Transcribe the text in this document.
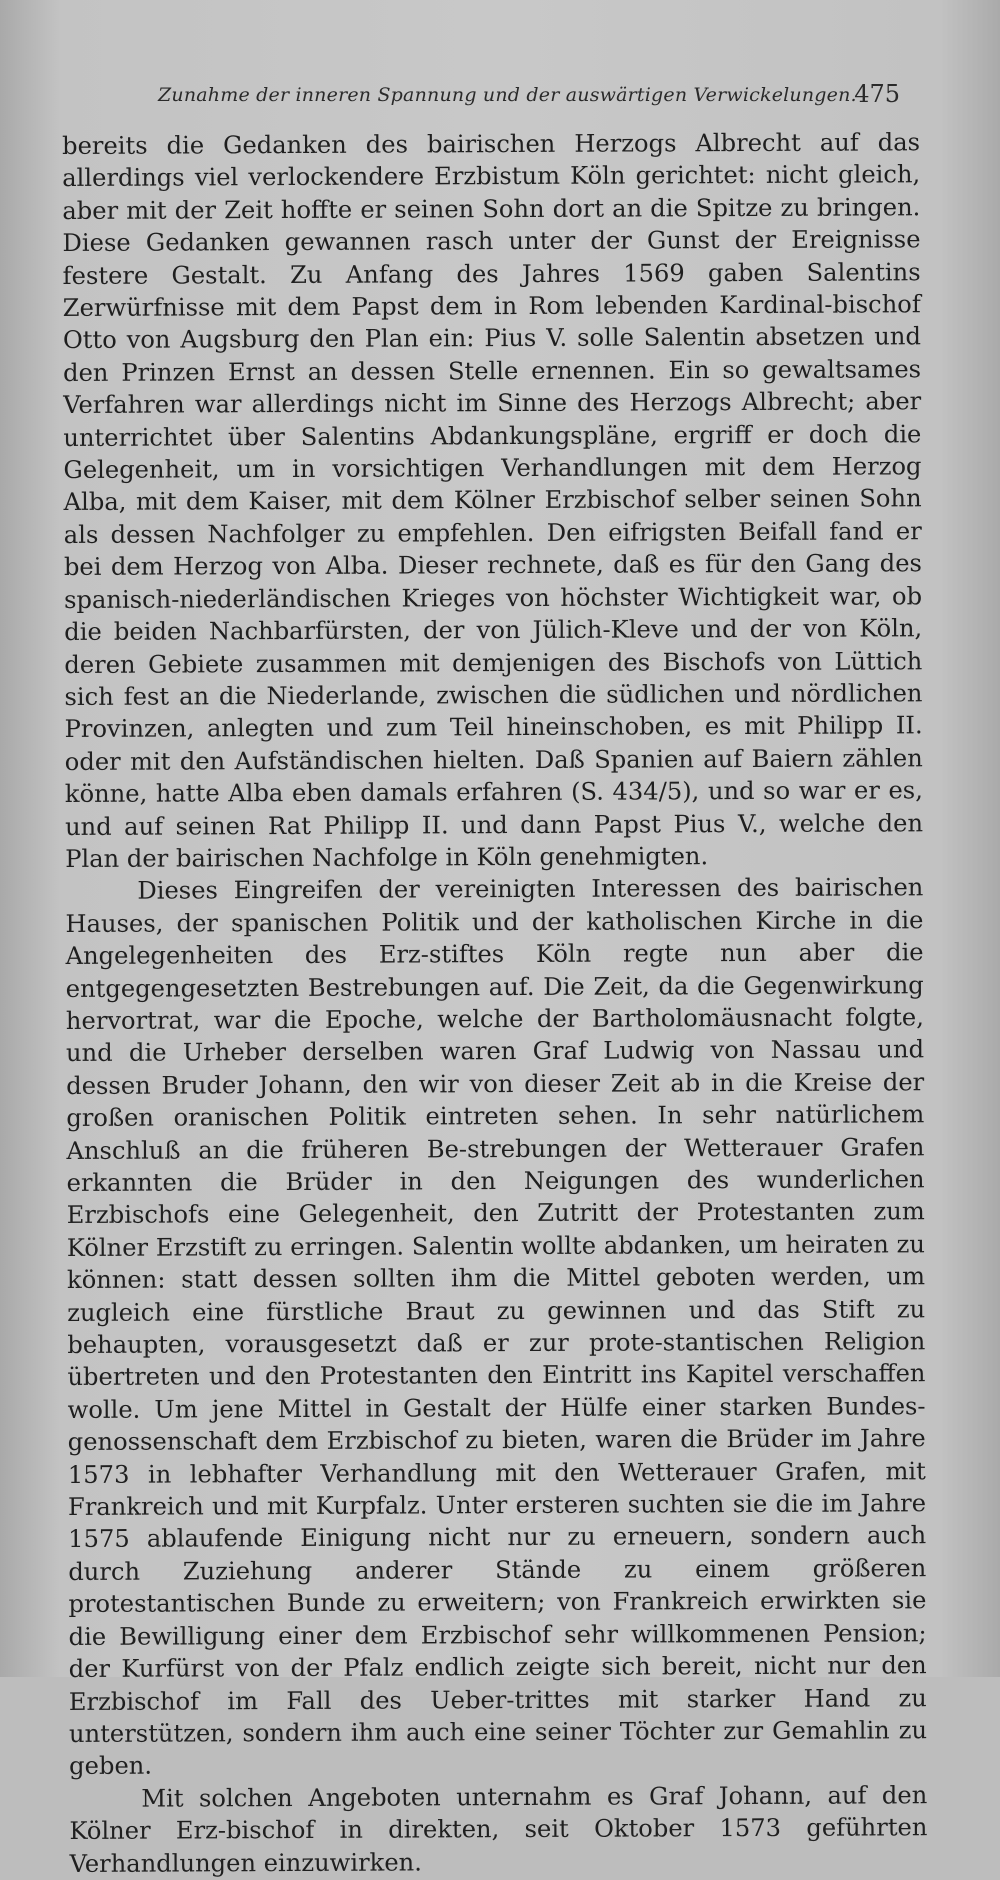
Zunahme der inneren Spannung und der auswärtigen Verwickelungen.
475

bereits die Gedanken des bairischen Herzogs Albrecht auf das allerdings viel verlockendere Erzbistum Köln gerichtet: nicht gleich, aber mit der Zeit hoffte er seinen Sohn dort an die Spitze zu bringen. Diese Gedanken gewannen rasch unter der Gunst der Ereignisse festere Gestalt. Zu Anfang des Jahres 1569 gaben Salentins Zerwürfnisse mit dem Papst dem in Rom lebenden Kardinal-bischof Otto von Augsburg den Plan ein: Pius V. solle Salentin absetzen und den Prinzen Ernst an dessen Stelle ernennen. Ein so gewaltsames Verfahren war allerdings nicht im Sinne des Herzogs Albrecht; aber unterrichtet über Salentins Abdankungspläne, ergriff er doch die Gelegenheit, um in vorsichtigen Verhandlungen mit dem Herzog Alba, mit dem Kaiser, mit dem Kölner Erzbischof selber seinen Sohn als dessen Nachfolger zu empfehlen. Den eifrigsten Beifall fand er bei dem Herzog von Alba. Dieser rechnete, daß es für den Gang des spanisch-niederländischen Krieges von höchster Wichtigkeit war, ob die beiden Nachbarfürsten, der von Jülich-Kleve und der von Köln, deren Gebiete zusammen mit demjenigen des Bischofs von Lüttich sich fest an die Niederlande, zwischen die südlichen und nördlichen Provinzen, anlegten und zum Teil hineinschoben, es mit Philipp II. oder mit den Aufständischen hielten. Daß Spanien auf Baiern zählen könne, hatte Alba eben damals erfahren (S. 434/5), und so war er es, und auf seinen Rat Philipp II. und dann Papst Pius V., welche den Plan der bairischen Nachfolge in Köln genehmigten.

Dieses Eingreifen der vereinigten Interessen des bairischen Hauses, der spanischen Politik und der katholischen Kirche in die Angelegenheiten des Erz-stiftes Köln regte nun aber die entgegengesetzten Bestrebungen auf. Die Zeit, da die Gegenwirkung hervortrat, war die Epoche, welche der Bartholomäusnacht folgte, und die Urheber derselben waren Graf Ludwig von Nassau und dessen Bruder Johann, den wir von dieser Zeit ab in die Kreise der großen oranischen Politik eintreten sehen. In sehr natürlichem Anschluß an die früheren Be-strebungen der Wetterauer Grafen erkannten die Brüder in den Neigungen des wunderlichen Erzbischofs eine Gelegenheit, den Zutritt der Protestanten zum Kölner Erzstift zu erringen. Salentin wollte abdanken, um heiraten zu können: statt dessen sollten ihm die Mittel geboten werden, um zugleich eine fürstliche Braut zu gewinnen und das Stift zu behaupten, vorausgesetzt daß er zur prote-stantischen Religion übertreten und den Protestanten den Eintritt ins Kapitel verschaffen wolle. Um jene Mittel in Gestalt der Hülfe einer starken Bundes-genossenschaft dem Erzbischof zu bieten, waren die Brüder im Jahre 1573 in lebhafter Verhandlung mit den Wetterauer Grafen, mit Frankreich und mit Kurpfalz. Unter ersteren suchten sie die im Jahre 1575 ablaufende Einigung nicht nur zu erneuern, sondern auch durch Zuziehung anderer Stände zu einem größeren protestantischen Bunde zu erweitern; von Frankreich erwirkten sie die Bewilligung einer dem Erzbischof sehr willkommenen Pension; der Kurfürst von der Pfalz endlich zeigte sich bereit, nicht nur den Erzbischof im Fall des Ueber-trittes mit starker Hand zu unterstützen, sondern ihm auch eine seiner Töchter zur Gemahlin zu geben.

Mit solchen Angeboten unternahm es Graf Johann, auf den Kölner Erz-bischof in direkten, seit Oktober 1573 geführten Verhandlungen einzuwirken.
